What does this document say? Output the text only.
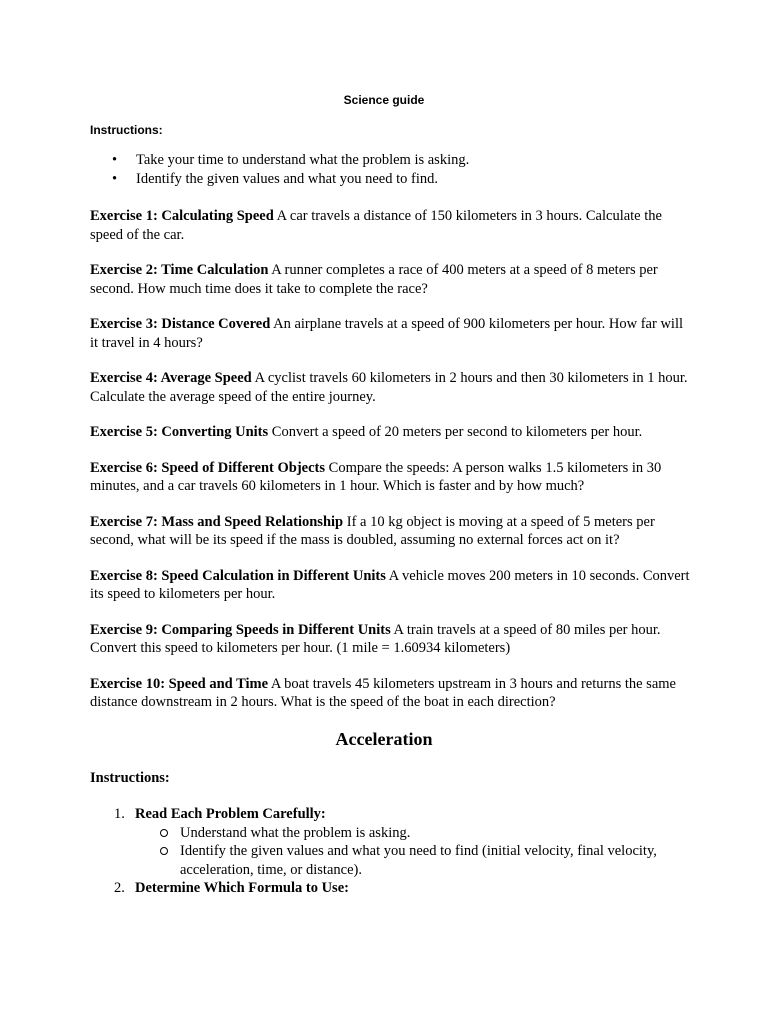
Science guide
Instructions:
• Take your time to understand what the problem is asking.
• Identify the given values and what you need to find.

Exercise 1: Calculating Speed A car travels a distance of 150 kilometers in 3 hours. Calculate the speed of the car.

Exercise 2: Time Calculation A runner completes a race of 400 meters at a speed of 8 meters per second. How much time does it take to complete the race?

Exercise 3: Distance Covered An airplane travels at a speed of 900 kilometers per hour. How far will it travel in 4 hours?

Exercise 4: Average Speed A cyclist travels 60 kilometers in 2 hours and then 30 kilometers in 1 hour. Calculate the average speed of the entire journey.

Exercise 5: Converting Units Convert a speed of 20 meters per second to kilometers per hour.

Exercise 6: Speed of Different Objects Compare the speeds: A person walks 1.5 kilometers in 30 minutes, and a car travels 60 kilometers in 1 hour. Which is faster and by how much?

Exercise 7: Mass and Speed Relationship If a 10 kg object is moving at a speed of 5 meters per second, what will be its speed if the mass is doubled, assuming no external forces act on it?

Exercise 8: Speed Calculation in Different Units A vehicle moves 200 meters in 10 seconds. Convert its speed to kilometers per hour.

Exercise 9: Comparing Speeds in Different Units A train travels at a speed of 80 miles per hour. Convert this speed to kilometers per hour. (1 mile = 1.60934 kilometers)

Exercise 10: Speed and Time A boat travels 45 kilometers upstream in 3 hours and returns the same distance downstream in 2 hours. What is the speed of the boat in each direction?

Acceleration
Instructions:
1. Read Each Problem Carefully:
Understand what the problem is asking.
Identify the given values and what you need to find (initial velocity, final velocity, acceleration, time, or distance).
2. Determine Which Formula to Use:
